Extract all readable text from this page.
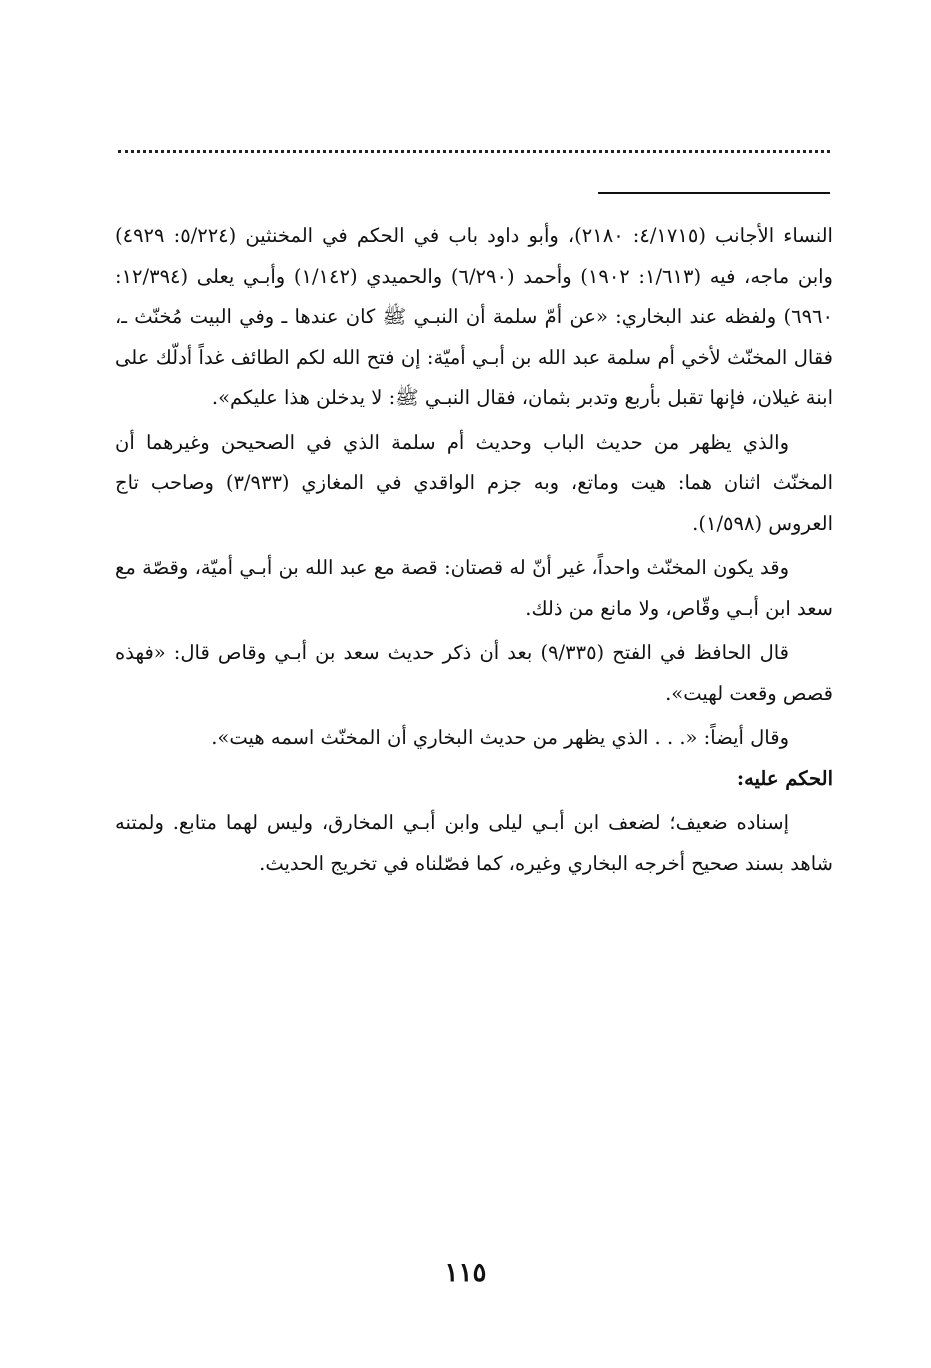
النساء الأجانب (٤/١٧١٥: ٢١٨٠)، وأبو داود باب في الحكم في المخنثين (٥/٢٢٤: ٤٩٢٩) وابن ماجه، فيه (١/٦١٣: ١٩٠٢) وأحمد (٦/٢٩٠) والحميدي (١/١٤٢) وأبـي يعلى (١٢/٣٩٤: ٦٩٦٠) ولفظه عند البخاري: «عن أمّ سلمة أن النبـي ﷺ كان عندها ـ وفي البيت مُخنّث ـ، فقال المخنّث لأخي أم سلمة عبد الله بن أبـي أميّة: إن فتح الله لكم الطائف غداً أدلّك على ابنة غيلان، فإنها تقبل بأربع وتدبر بثمان، فقال النبـي ﷺ: لا يدخلن هذا عليكم».

والذي يظهر من حديث الباب وحديث أم سلمة الذي في الصحيحن وغيرهما أن المخنّث اثنان هما: هيت وماتع، وبه جزم الواقدي في المغازي (٣/٩٣٣) وصاحب تاج العروس (١/٥٩٨).

وقد يكون المخنّث واحداً، غير أنّ له قصتان: قصة مع عبد الله بن أبـي أميّة، وقصّة مع سعد ابن أبـي وقّاص، ولا مانع من ذلك.

قال الحافظ في الفتح (٩/٣٣٥) بعد أن ذكر حديث سعد بن أبـي وقاص قال: «فهذه قصص وقعت لهيت».

وقال أيضاً: «. . . الذي يظهر من حديث البخاري أن المخنّث اسمه هيت».

الحكم عليه:

إسناده ضعيف؛ لضعف ابن أبـي ليلى وابن أبـي المخارق، وليس لهما متابع. ولمتنه شاهد بسند صحيح أخرجه البخاري وغيره، كما فصّلناه في تخريج الحديث.

١١٥
